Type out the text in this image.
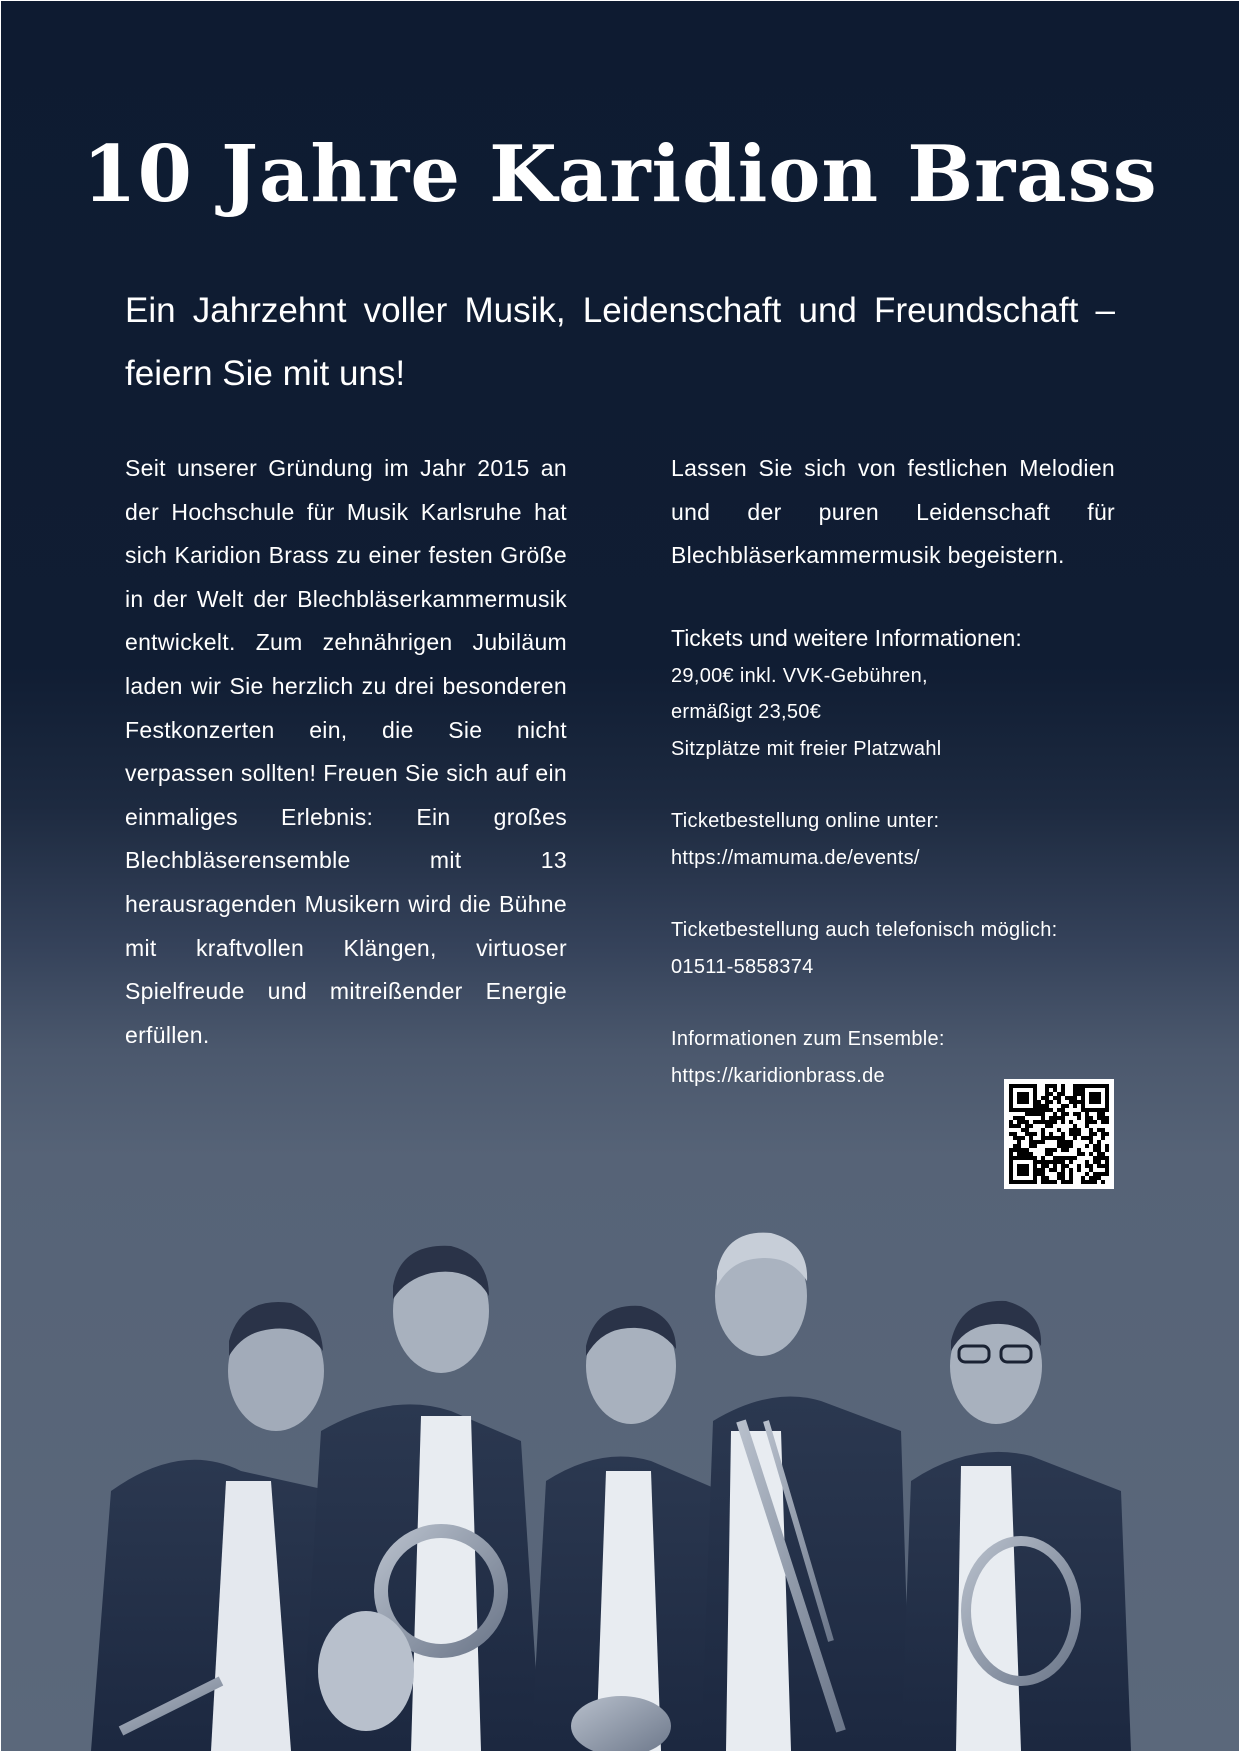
10 Jahre Karidion Brass

Ein Jahrzehnt voller Musik, Leidenschaft und Freundschaft – feiern Sie mit uns!

Seit unserer Gründung im Jahr 2015 an der Hochschule für Musik Karlsruhe hat sich Karidion Brass zu einer festen Größe in der Welt der Blechbläserkammermusik entwickelt. Zum zehnährigen Jubiläum laden wir Sie herzlich zu drei besonderen Festkonzerten ein, die Sie nicht verpassen sollten! Freuen Sie sich auf ein einmaliges Erlebnis: Ein großes Blechbläserensemble mit 13 herausragenden Musikern wird die Bühne mit kraftvollen Klängen, virtuoser Spielfreude und mitreißender Energie erfüllen.

Lassen Sie sich von festlichen Melodien und der puren Leidenschaft für Blechbläserkammermusik begeistern.

Tickets und weitere Informationen:

29,00€ inkl. VVK-Gebühren,

ermäßigt 23,50€

Sitzplätze mit freier Platzwahl

Ticketbestellung online unter:

https://mamuma.de/events/

Ticketbestellung auch telefonisch möglich:

01511-5858374

Informationen zum Ensemble:

https://karidionbrass.de
